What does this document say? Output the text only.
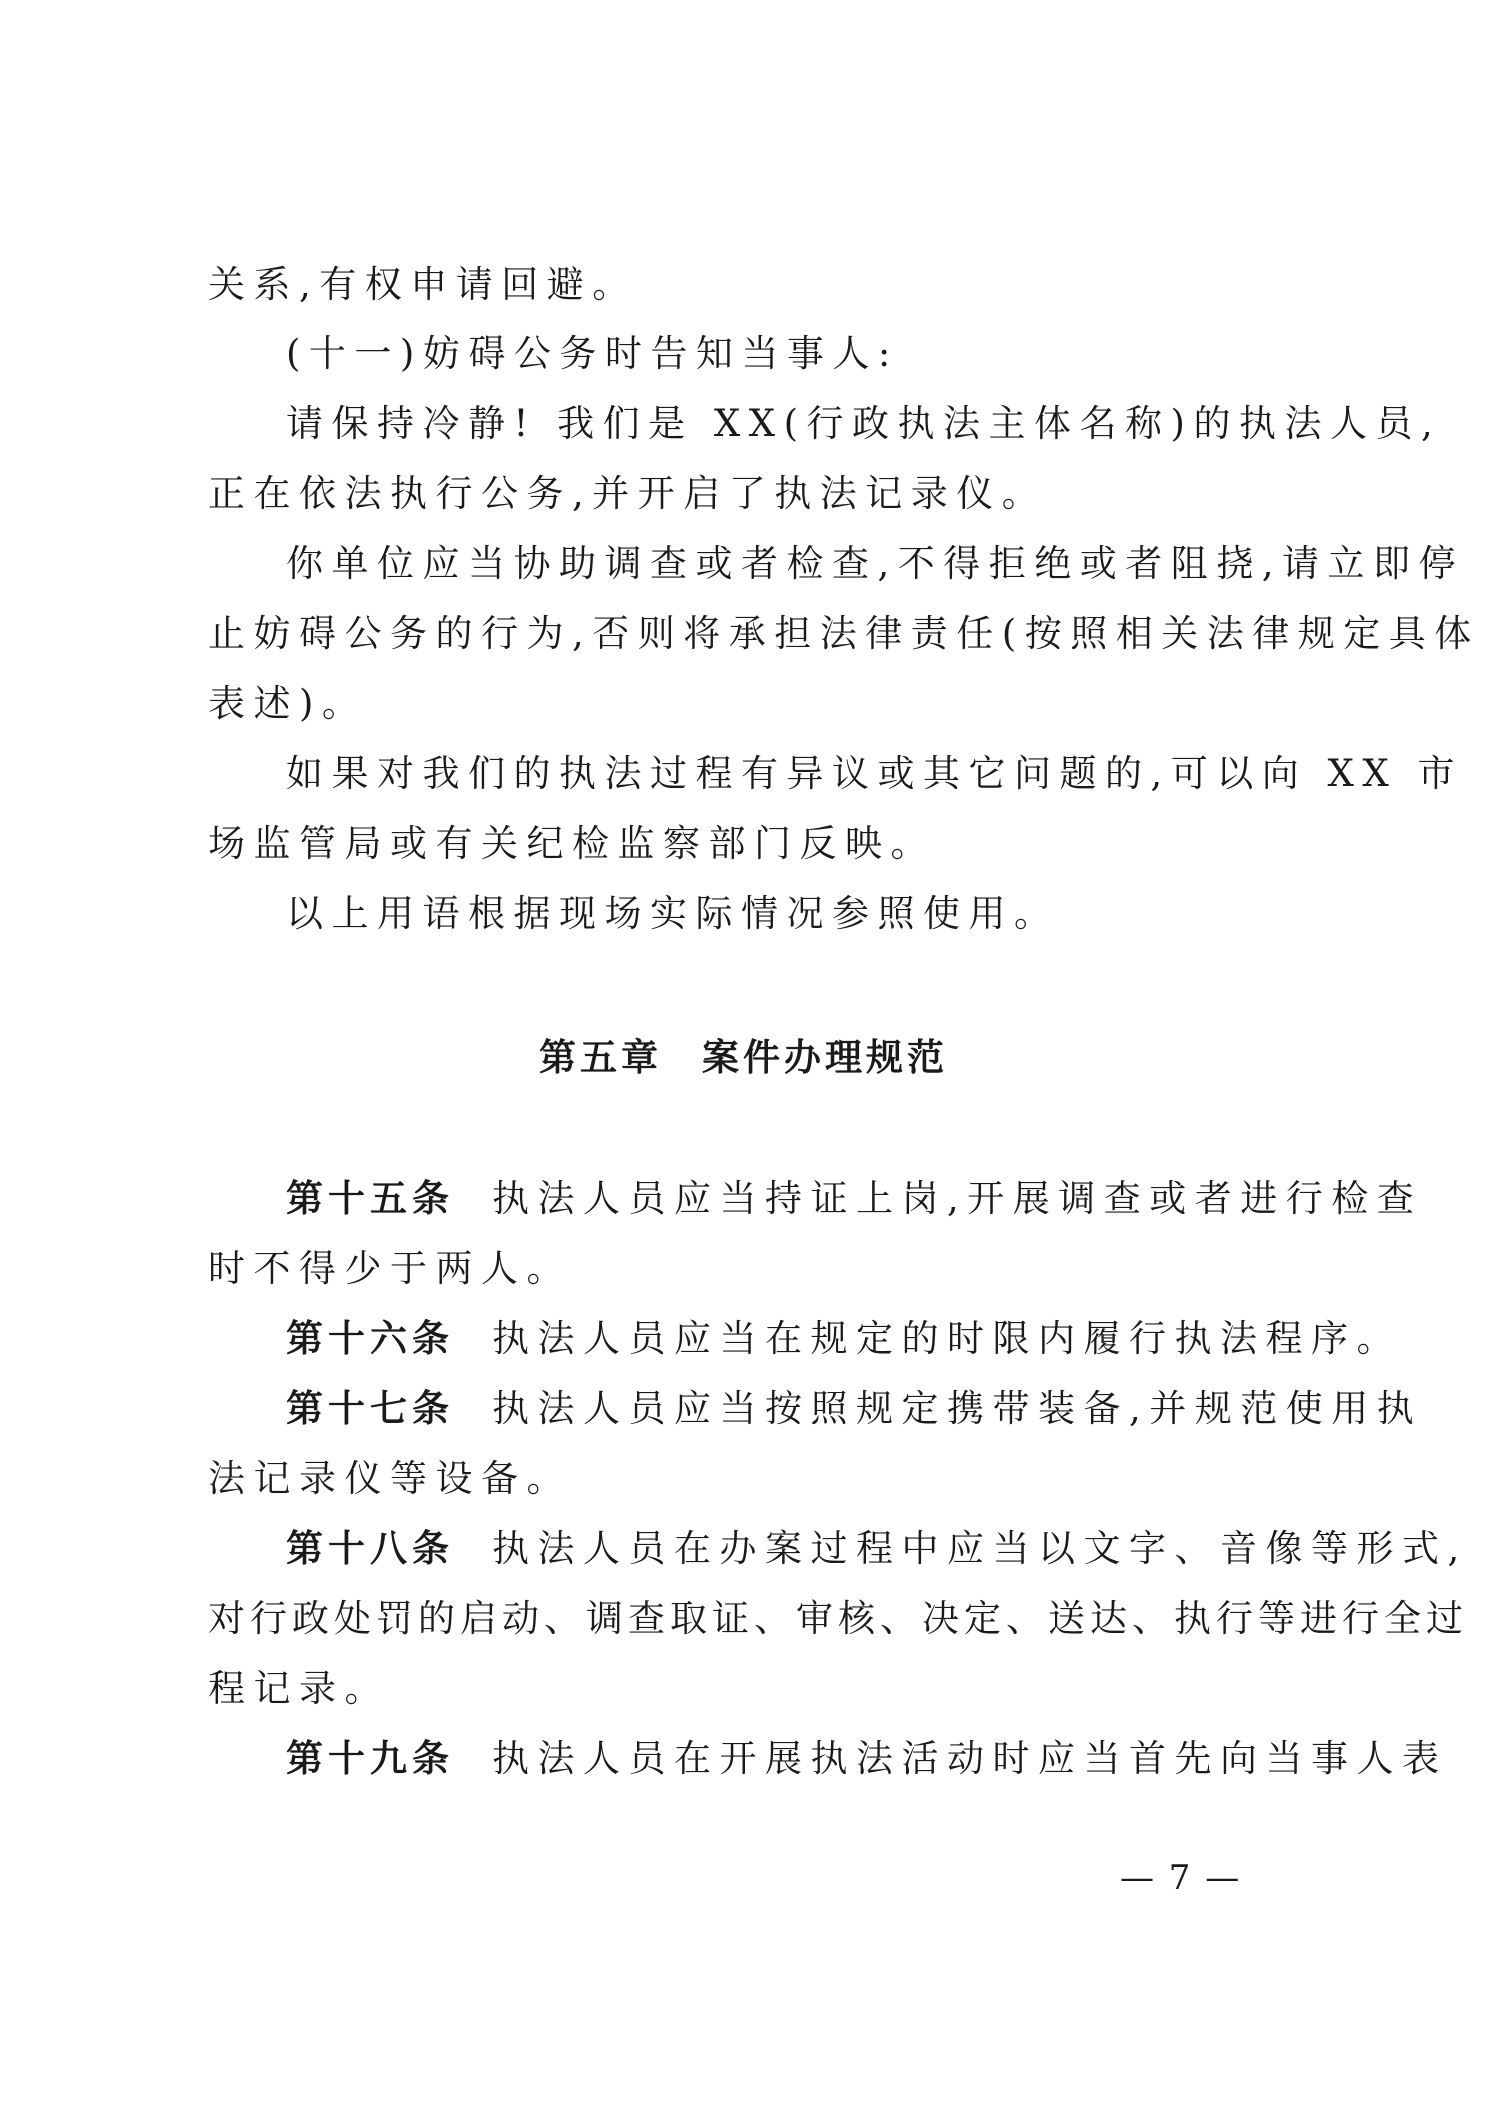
关系,有权申请回避。
(十一)妨碍公务时告知当事人:
请保持冷静! 我们是 XX(行政执法主体名称)的执法人员,
正在依法执行公务,并开启了执法记录仪。
你单位应当协助调查或者检查,不得拒绝或者阻挠,请立即停
止妨碍公务的行为,否则将承担法律责任(按照相关法律规定具体
表述)。
如果对我们的执法过程有异议或其它问题的,可以向 XX 市
场监管局或有关纪检监察部门反映。
以上用语根据现场实际情况参照使用。
第五章 案件办理规范
第十五条 执法人员应当持证上岗,开展调查或者进行检查
时不得少于两人。
第十六条 执法人员应当在规定的时限内履行执法程序。
第十七条 执法人员应当按照规定携带装备,并规范使用执
法记录仪等设备。
第十八条 执法人员在办案过程中应当以文字、音像等形式,
对行政处罚的启动、调查取证、审核、决定、送达、执行等进行全过
程记录。
第十九条 执法人员在开展执法活动时应当首先向当事人表
— 7 —
